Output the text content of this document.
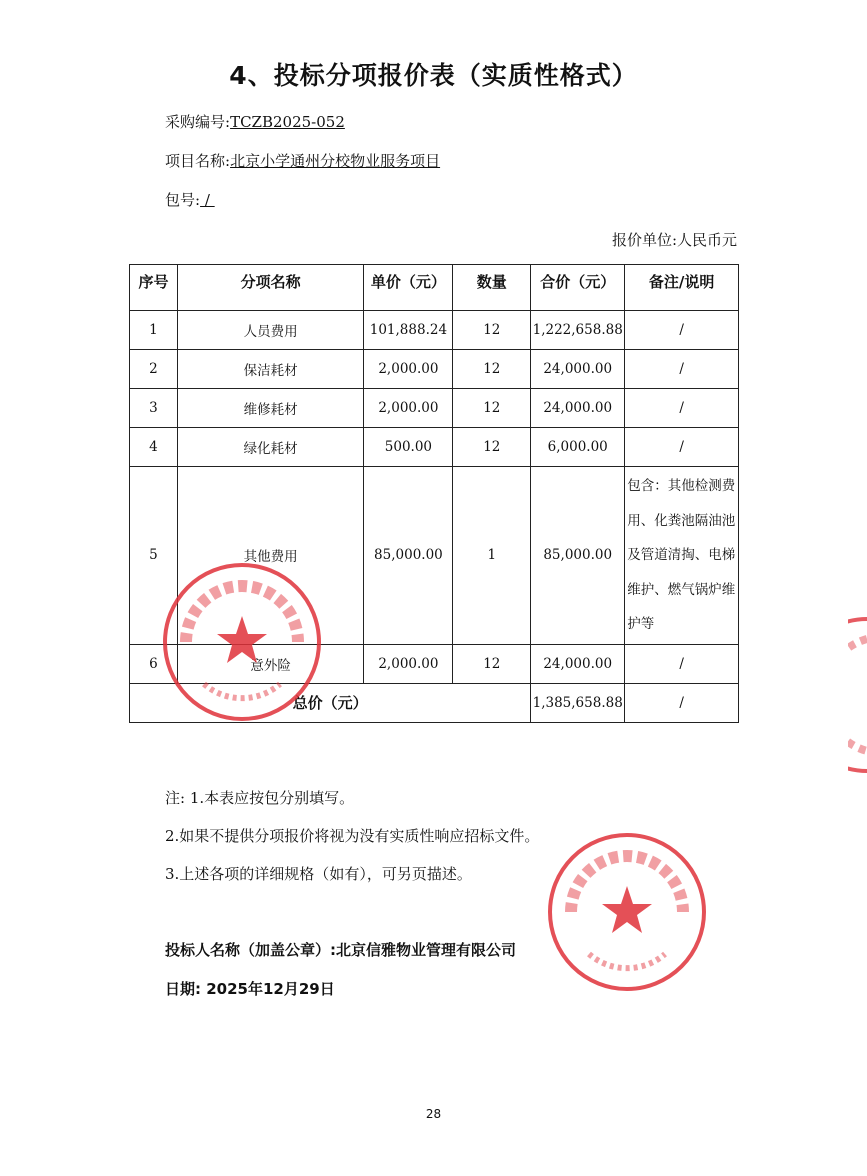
4、投标分项报价表（实质性格式）
采购编号:TCZB2025-052
项目名称:北京小学通州分校物业服务项目
包号: /
报价单位:人民币元
序号	分项名称	单价（元）	数量	合价（元）	备注/说明
1	人员费用	101,888.24	12	1,222,658.88	/
2	保洁耗材	2,000.00	12	24,000.00	/
3	维修耗材	2,000.00	12	24,000.00	/
4	绿化耗材	500.00	12	6,000.00	/
5	其他费用	85,000.00	1	85,000.00	包含：其他检测费用、化粪池隔油池及管道清掏、电梯维护、燃气锅炉维护等
6	意外险	2,000.00	12	24,000.00	/
总价（元）				1,385,658.88	/
注: 1.本表应按包分别填写。
2.如果不提供分项报价将视为没有实质性响应招标文件。
3.上述各项的详细规格（如有），可另页描述。
投标人名称（加盖公章）:北京信雅物业管理有限公司
日期: 2025年12月29日
28
